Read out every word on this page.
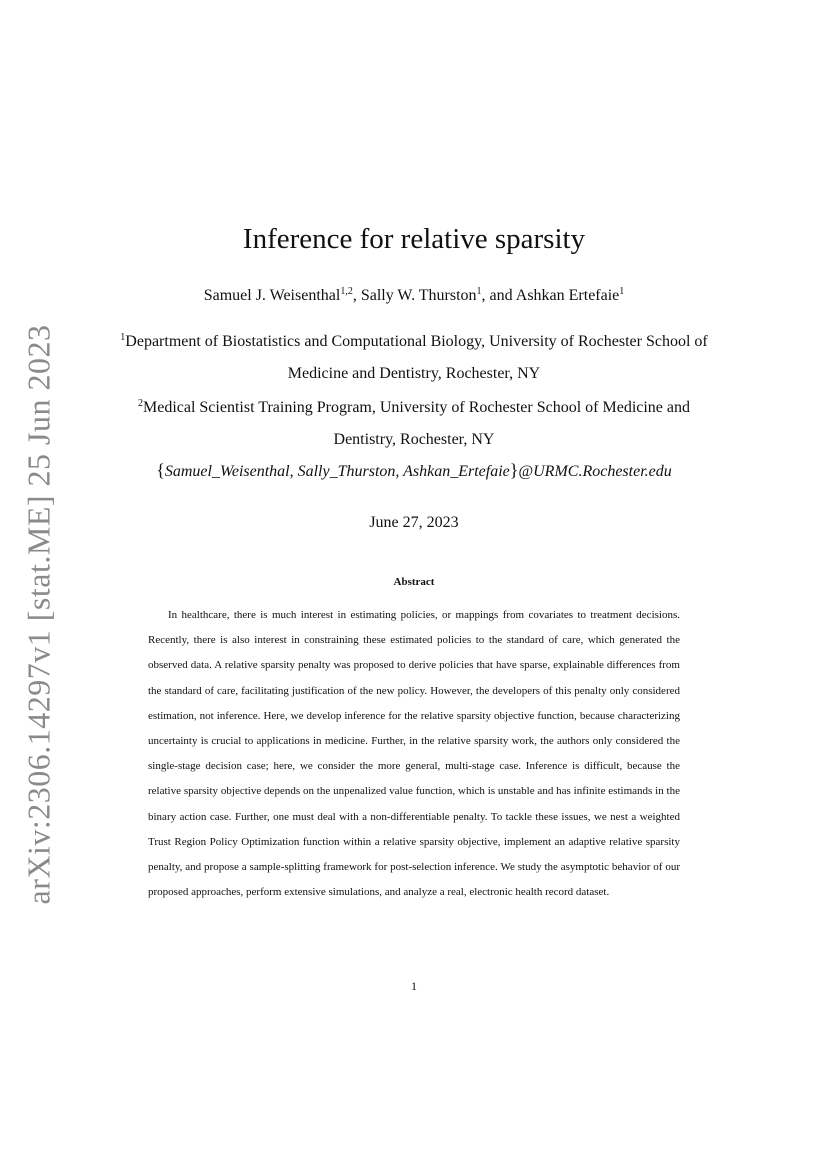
arXiv:2306.14297v1 [stat.ME] 25 Jun 2023
Inference for relative sparsity
Samuel J. Weisenthal$^{1,2}$, Sally W. Thurston$^1$, and Ashkan Ertefaie$^1$
$^1$Department of Biostatistics and Computational Biology, University of Rochester School of Medicine and Dentistry, Rochester, NY
$^2$Medical Scientist Training Program, University of Rochester School of Medicine and Dentistry, Rochester, NY
{Samuel_Weisenthal, Sally_Thurston, Ashkan_Ertefaie}@URMC.Rochester.edu
June 27, 2023
Abstract

In healthcare, there is much interest in estimating policies, or mappings from covariates to treatment decisions. Recently, there is also interest in constraining these estimated policies to the standard of care, which generated the observed data. A relative sparsity penalty was proposed to derive policies that have sparse, explainable differences from the standard of care, facilitating justification of the new policy. However, the developers of this penalty only considered estimation, not inference. Here, we develop inference for the relative sparsity objective function, because characterizing uncertainty is crucial to applications in medicine. Further, in the relative sparsity work, the authors only considered the single-stage decision case; here, we consider the more general, multi-stage case. Inference is difficult, because the relative sparsity objective depends on the unpenalized value function, which is unstable and has infinite estimands in the binary action case. Further, one must deal with a non-differentiable penalty. To tackle these issues, we nest a weighted Trust Region Policy Optimization function within a relative sparsity objective, implement an adaptive relative sparsity penalty, and propose a sample-splitting framework for post-selection inference. We study the asymptotic behavior of our proposed approaches, perform extensive simulations, and analyze a real, electronic health record dataset.

1
